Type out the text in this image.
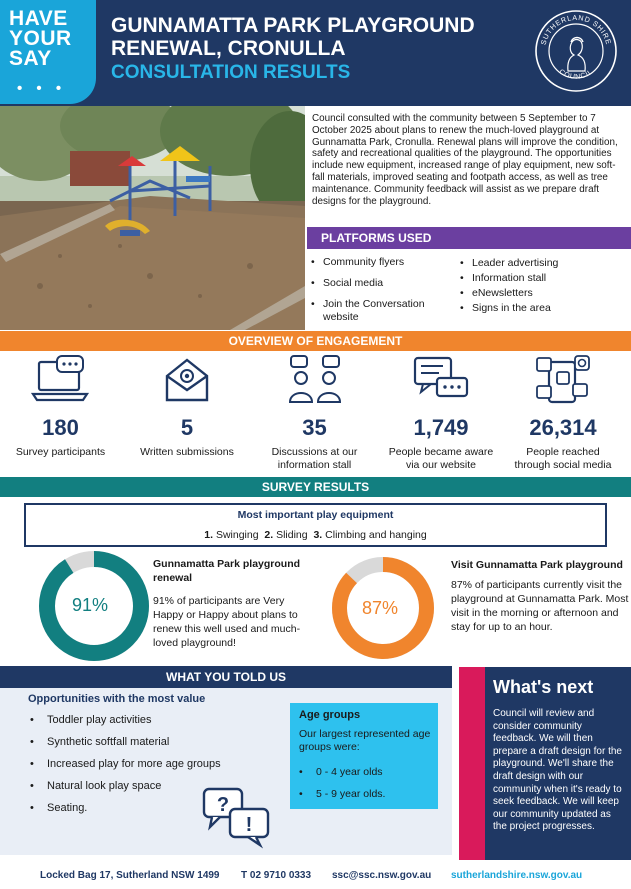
HAVE
YOUR
SAY
• • •
GUNNAMATTA PARK PLAYGROUND
RENEWAL, CRONULLA
CONSULTATION RESULTS
SUTHERLAND SHIRE
COUNCIL
Council consulted with the community between 5 September to 7 October 2025 about plans to renew the much-loved playground at Gunnamatta Park, Cronulla. Renewal plans will improve the condition, safety and recreational qualities of the playground. The opportunities include new equipment, increased range of play equipment, new soft-fall materials, improved seating and footpath access, as well as tree maintenance. Community feedback will assist as we prepare draft designs for the playground.
PLATFORMS USED
• Community flyers
• Social media
• Join the Conversation website
• Leader advertising
• Information stall
• eNewsletters
• Signs in the area
OVERVIEW OF ENGAGEMENT
180
Survey participants
5
Written submissions
35
Discussions at our information stall
1,749
People became aware via our website
26,314
People reached through social media
SURVEY RESULTS
Most important play equipment
1. Swinging 2. Sliding 3. Climbing and hanging
91%
Gunnamatta Park playground renewal
91% of participants are Very Happy or Happy about plans to renew this well used and much-loved playground!
87%
Visit Gunnamatta Park playground
87% of participants currently visit the playground at Gunnamatta Park. Most visit in the morning or afternoon and stay for up to an hour.
WHAT YOU TOLD US
Opportunities with the most value
• Toddler play activities
• Synthetic softfall material
• Increased play for more age groups
• Natural look play space
• Seating.
Age groups
Our largest represented age groups were:
• 0 - 4 year olds
• 5 - 9 year olds.
?
!
What's next
Council will review and consider community feedback. We will then prepare a draft design for the playground. We'll share the draft design with our community when it's ready to seek feedback. We will keep our community updated as the project progresses.
Locked Bag 17, Sutherland NSW 1499 T 02 9710 0333 ssc@ssc.nsw.gov.au sutherlandshire.nsw.gov.au
